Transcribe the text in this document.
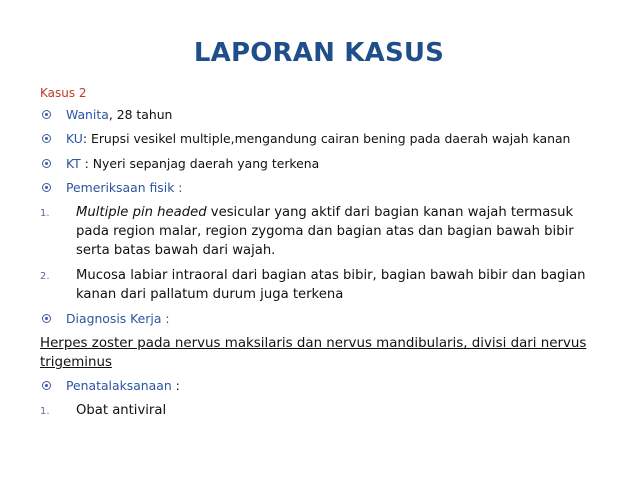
LAPORAN KASUS
Kasus 2
Wanita, 28 tahun
KU: Erupsi vesikel multiple,mengandung cairan bening pada daerah wajah kanan
KT : Nyeri sepanjag daerah yang terkena
Pemeriksaan fisik :
1. Multiple pin headed vesicular yang aktif dari bagian kanan wajah termasuk pada region malar, region zygoma dan bagian atas dan bagian bawah bibir serta batas bawah dari wajah.
2. Mucosa labiar intraoral dari bagian atas bibir, bagian bawah bibir dan bagian kanan dari pallatum durum juga terkena
Diagnosis Kerja :
Herpes zoster pada nervus maksilaris dan nervus mandibularis, divisi dari nervus trigeminus
Penatalaksanaan :
1. Obat antiviral
